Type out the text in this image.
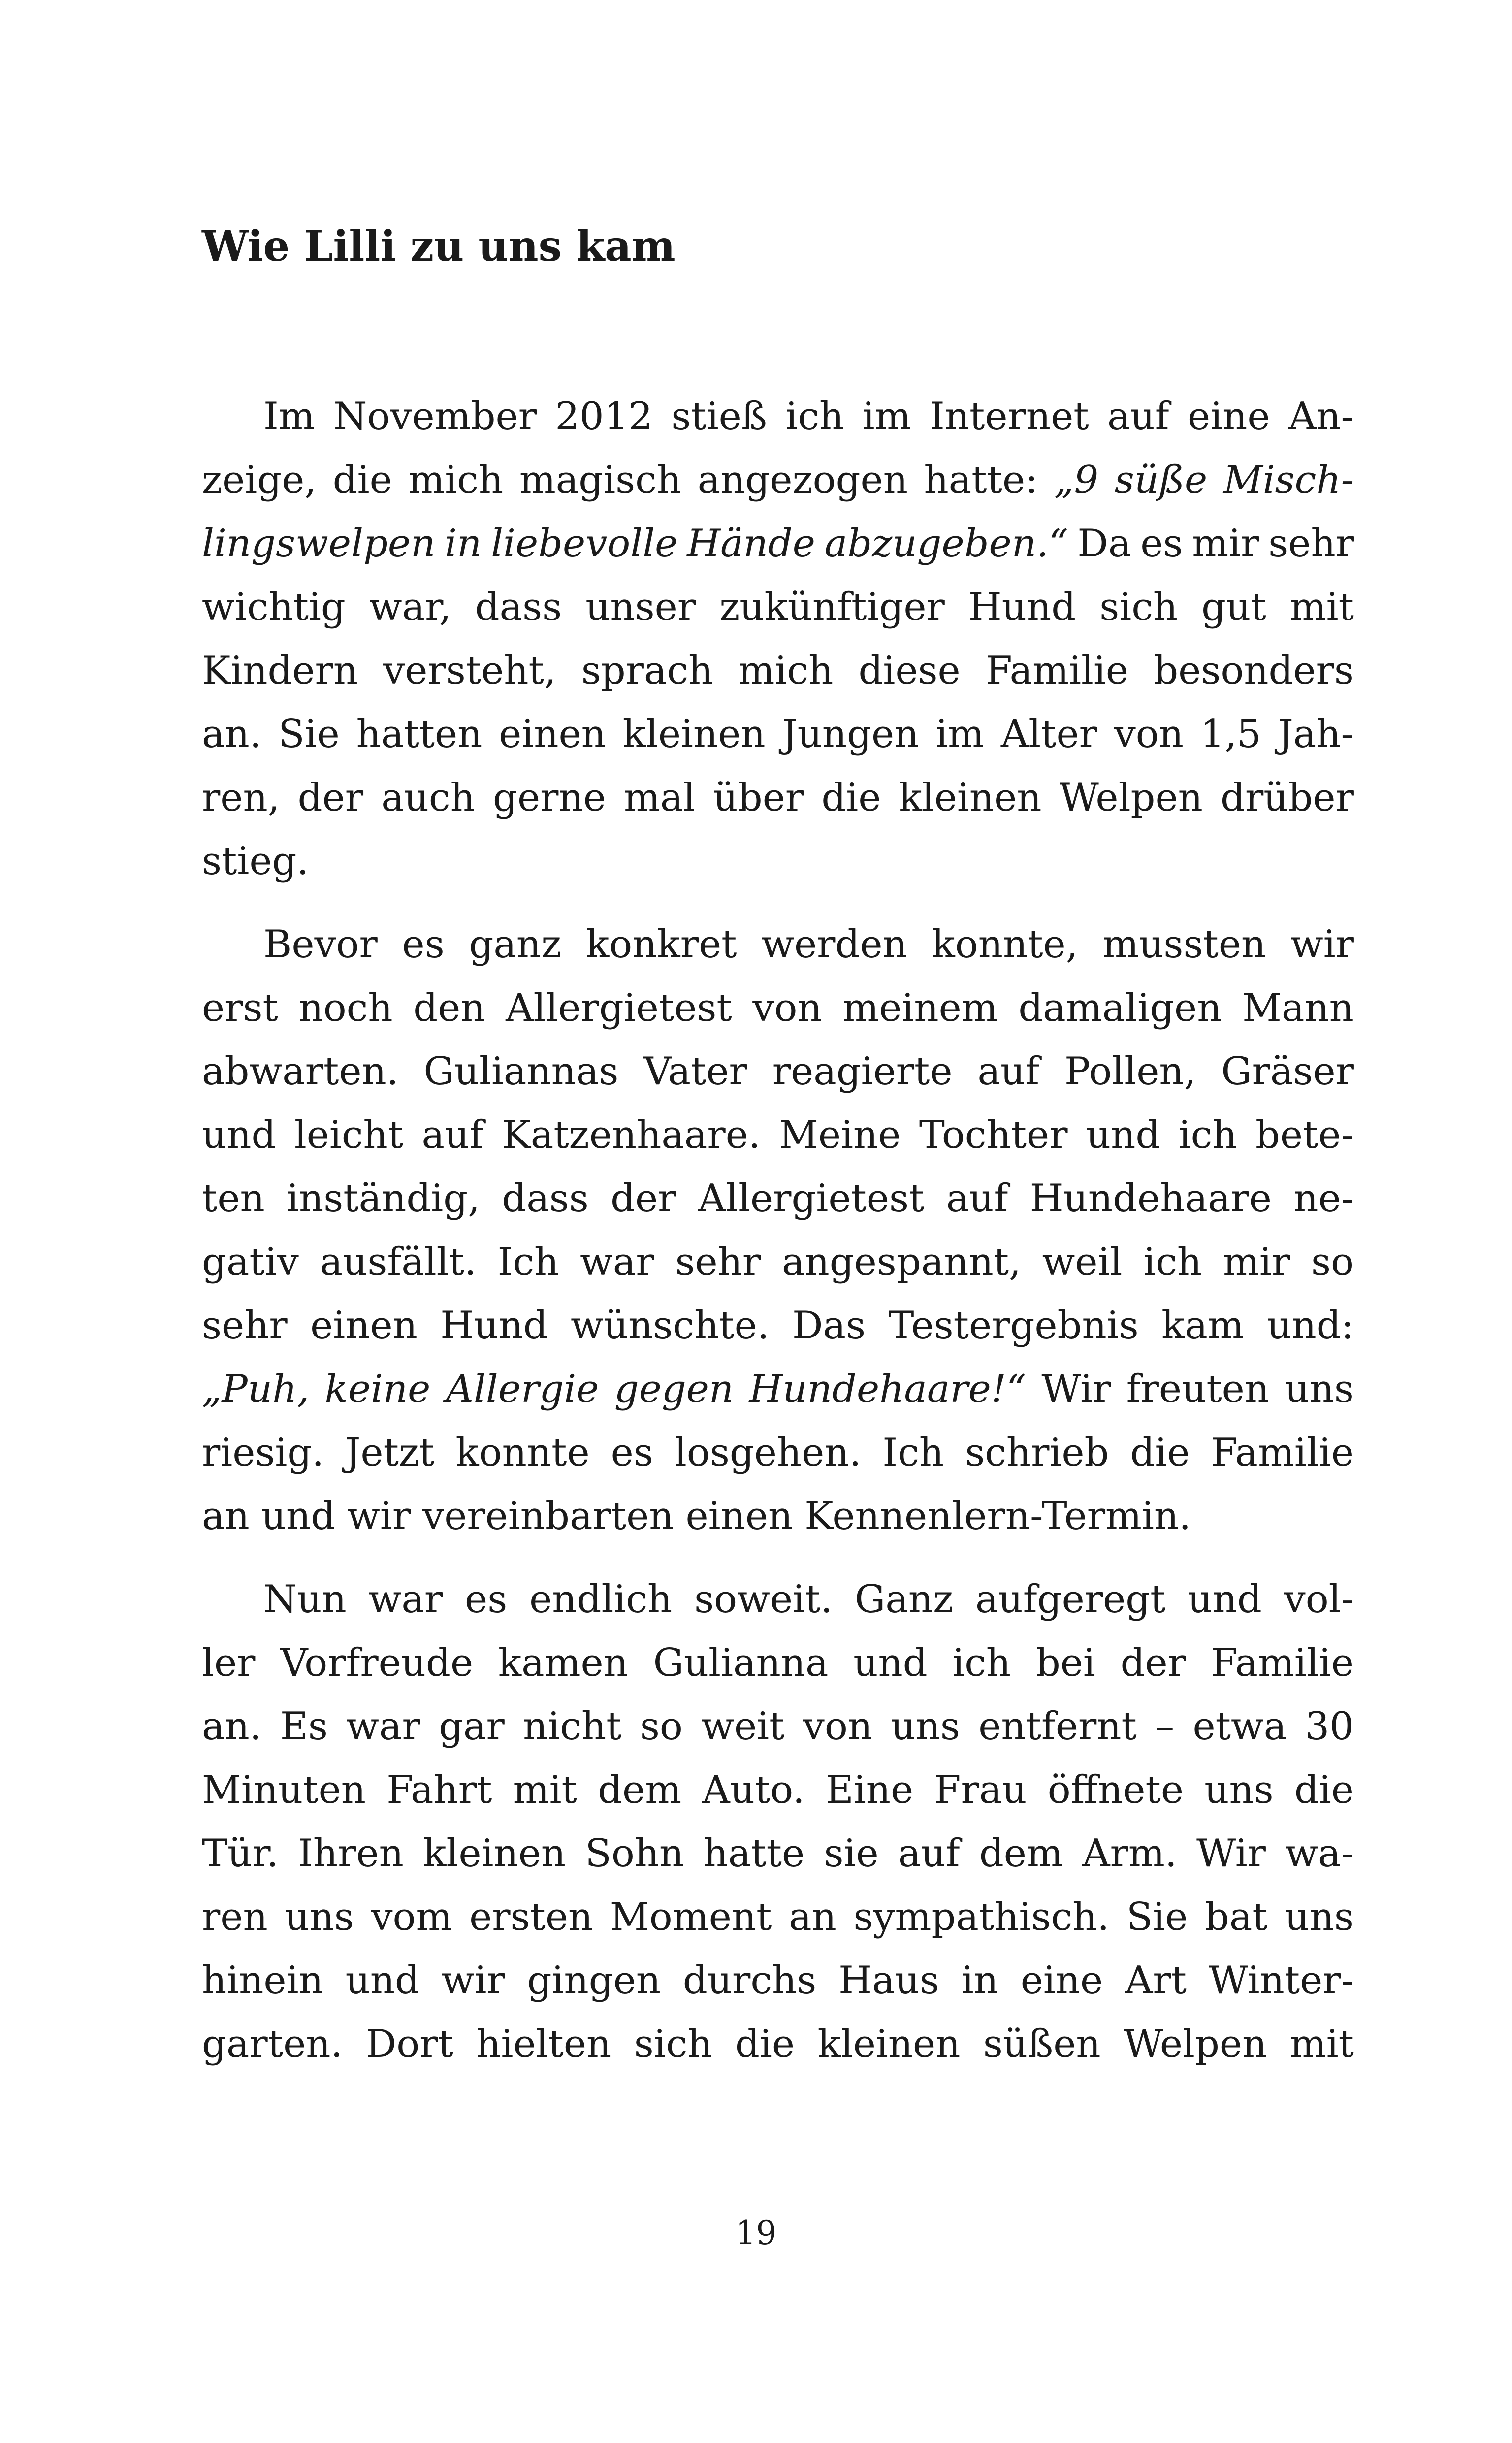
Wie Lilli zu uns kam
Im November 2012 stieß ich im Internet auf eine An-
zeige, die mich magisch angezogen hatte: „9 süße Misch-
lingswelpen in liebevolle Hände abzugeben.“ Da es mir sehr
wichtig war, dass unser zukünftiger Hund sich gut mit
Kindern versteht, sprach mich diese Familie besonders
an. Sie hatten einen kleinen Jungen im Alter von 1,5 Jah-
ren, der auch gerne mal über die kleinen Welpen drüber
stieg.
Bevor es ganz konkret werden konnte, mussten wir
erst noch den Allergietest von meinem damaligen Mann
abwarten. Guliannas Vater reagierte auf Pollen, Gräser
und leicht auf Katzenhaare. Meine Tochter und ich bete-
ten inständig, dass der Allergietest auf Hundehaare ne-
gativ ausfällt. Ich war sehr angespannt, weil ich mir so
sehr einen Hund wünschte. Das Testergebnis kam und:
„Puh, keine Allergie gegen Hundehaare!“ Wir freuten uns
riesig. Jetzt konnte es losgehen. Ich schrieb die Familie
an und wir vereinbarten einen Kennenlern-Termin.
Nun war es endlich soweit. Ganz aufgeregt und vol-
ler Vorfreude kamen Gulianna und ich bei der Familie
an. Es war gar nicht so weit von uns entfernt – etwa 30
Minuten Fahrt mit dem Auto. Eine Frau öffnete uns die
Tür. Ihren kleinen Sohn hatte sie auf dem Arm. Wir wa-
ren uns vom ersten Moment an sympathisch. Sie bat uns
hinein und wir gingen durchs Haus in eine Art Winter-
garten. Dort hielten sich die kleinen süßen Welpen mit
19
